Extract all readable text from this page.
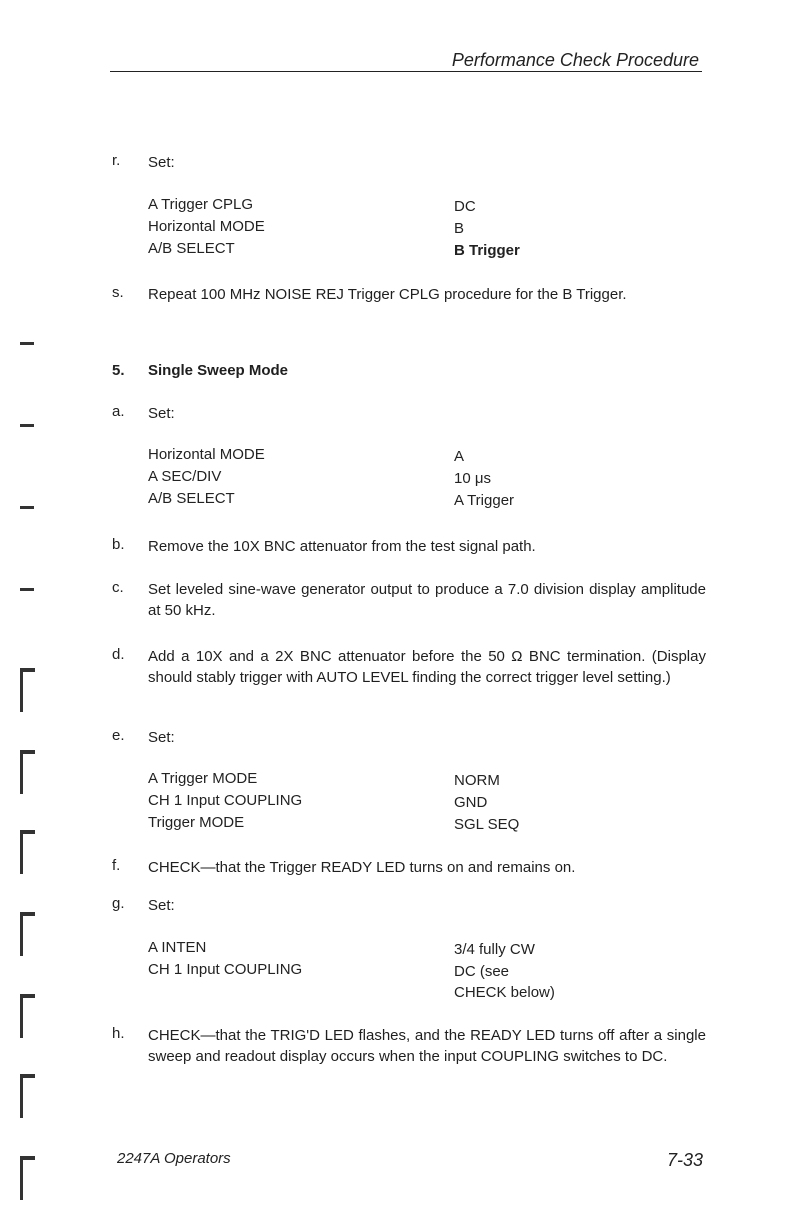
Performance Check Procedure
r. Set:
A Trigger CPLG	DC
Horizontal MODE	B
A/B SELECT	B Trigger
s. Repeat 100 MHz NOISE REJ Trigger CPLG procedure for the B Trigger.
5. Single Sweep Mode
a. Set:
Horizontal MODE	A
A SEC/DIV	10 μs
A/B SELECT	A Trigger
b. Remove the 10X BNC attenuator from the test signal path.
c. Set leveled sine-wave generator output to produce a 7.0 division display amplitude at 50 kHz.
d. Add a 10X and a 2X BNC attenuator before the 50 Ω BNC termination. (Display should stably trigger with AUTO LEVEL finding the correct trigger level setting.)
e. Set:
A Trigger MODE	NORM
CH 1 Input COUPLING	GND
Trigger MODE	SGL SEQ
f. CHECK—that the Trigger READY LED turns on and remains on.
g. Set:
A INTEN	3/4 fully CW
CH 1 Input COUPLING	DC (see
CHECK below)
h. CHECK—that the TRIG'D LED flashes, and the READY LED turns off after a single sweep and readout display occurs when the input COUPLING switches to DC.
2247A Operators	7-33
